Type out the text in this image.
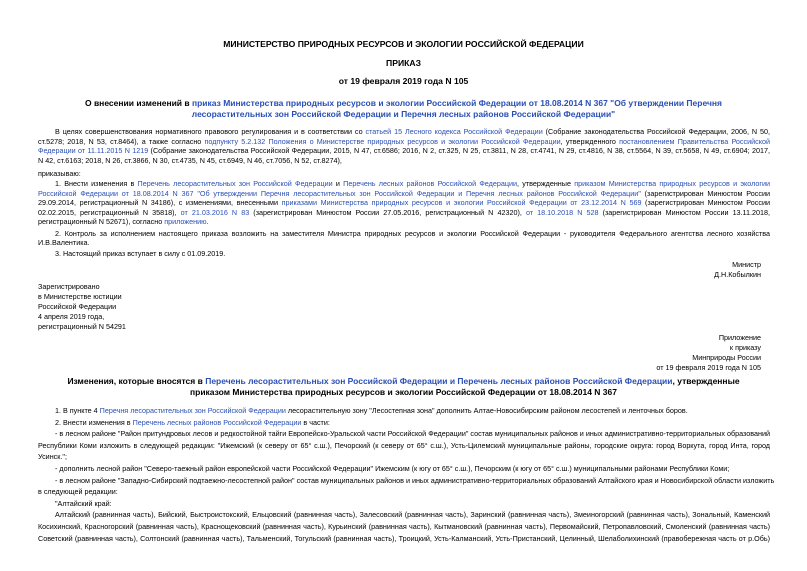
МИНИСТЕРСТВО ПРИРОДНЫХ РЕСУРСОВ И ЭКОЛОГИИ РОССИЙСКОЙ ФЕДЕРАЦИИ
ПРИКАЗ
от 19 февраля 2019 года N 105
О внесении изменений в приказ Министерства природных ресурсов и экологии Российской Федерации от 18.08.2014 N 367 "Об утверждении Перечня
лесорастительных зон Российской Федерации и Перечня лесных районов Российской Федерации"
В целях совершенствования нормативного правового регулирования и в соответствии со статьей 15 Лесного кодекса Российской Федерации (Собрание законодательства Российской Федерации, 2006, N 50,
ст.5278; 2018, N 53, ст.8464), а также согласно подпункту 5.2.132 Положения о Министерстве природных ресурсов и экологии Российской Федерации, утвержденного постановлением Правительства Российской
Федерации от 11.11.2015 N 1219 (Собрание законодательства Российской Федерации, 2015, N 47, ст.6586; 2016, N 2, ст.325, N 25, ст.3811, N 28, ст.4741, N 29, ст.4816, N 38, ст.5564, N 39, ст.5658, N 49, ст.6904; 2017,
N 42, ст.6163; 2018, N 26, ст.3866, N 30, ст.4735, N 45, ст.6949, N 46, ст.7056, N 52, ст.8274),
приказываю:
1. Внести изменения в Перечень лесорастительных зон Российской Федерации и Перечень лесных районов Российской Федерации, утвержденные приказом Министерства природных ресурсов и экологии
Российской Федерации от 18.08.2014 N 367 "Об утверждении Перечня лесорастительных зон Российской Федерации и Перечня лесных районов Российской Федерации" (зарегистрирован Минюстом России
29.09.2014, регистрационный N 34186), с изменениями, внесенными приказами Министерства природных ресурсов и экологии Российской Федерации от 23.12.2014 N 569 (зарегистрирован Минюстом России
02.02.2015, регистрационный N 35818), от 21.03.2016 N 83 (зарегистрирован Минюстом России 27.05.2016, регистрационный N 42320), от 18.10.2018 N 528 (зарегистрирован Минюстом России 13.11.2018,
регистрационный N 52671), согласно приложению.
2. Контроль за исполнением настоящего приказа возложить на заместителя Министра природных ресурсов и экологии Российской Федерации - руководителя Федерального агентства лесного хозяйства
И.В.Валентика.
3. Настоящий приказ вступает в силу с 01.09.2019.
Министр
Д.Н.Кобылкин
Зарегистрировано
в Министерстве юстиции
Российской Федерации
4 апреля 2019 года,
регистрационный N 54291
Приложение
к приказу
Минприроды России
от 19 февраля 2019 года N 105
Изменения, которые вносятся в Перечень лесорастительных зон Российской Федерации и Перечень лесных районов Российской Федерации, утвержденные
приказом Министерства природных ресурсов и экологии Российской Федерации от 18.08.2014 N 367
1. В пункте 4 Перечня лесорастительных зон Российской Федерации лесорастительную зону "Лесостепная зона" дополнить Алтае-Новосибирским районом лесостепей и ленточных боров.
2. Внести изменения в Перечень лесных районов Российской Федерации в части:
- в лесном районе "Район притундровых лесов и редкостойной тайги Европейско-Уральской части Российской Федерации" состав муниципальных районов и иных административно-территориальных образований
Республики Коми изложить в следующей редакции: "Ижемский (к северу от 65° с.ш.), Печорский (к северу от 65° с.ш.), Усть-Цилемский муниципальные районы, городские округа: город Воркута, город Инта, город
Усинск.";
- дополнить лесной район "Северо-таежный район европейской части Российской Федерации" Ижемским (к югу от 65° с.ш.), Печорским (к югу от 65° с.ш.) муниципальными районами Республики Коми;
- в лесном районе "Западно-Сибирский подтаежно-лесостепной район" состав муниципальных районов и иных административно-территориальных образований Алтайского края и Новосибирской области изложить
в следующей редакции:
"Алтайский край:
Алтайский (равнинная часть), Бийский, Быстроистокский, Ельцовский (равнинная часть), Залесовский (равнинная часть), Заринский (равнинная часть), Змеиногорский (равнинная часть), Зональный, Каменский
Косихинский, Красногорский (равнинная часть), Краснощековский (равнинная часть), Курьинский (равнинная часть), Кытмановский (равнинная часть), Первомайский, Петропавловский, Смоленский (равнинная часть)
Советский (равнинная часть), Солтонский (равнинная часть), Тальменский, Тогульский (равнинная часть), Троицкий, Усть-Калманский, Усть-Пристанский, Целинный, Шелаболихинский (правобережная часть от р.Обь)
